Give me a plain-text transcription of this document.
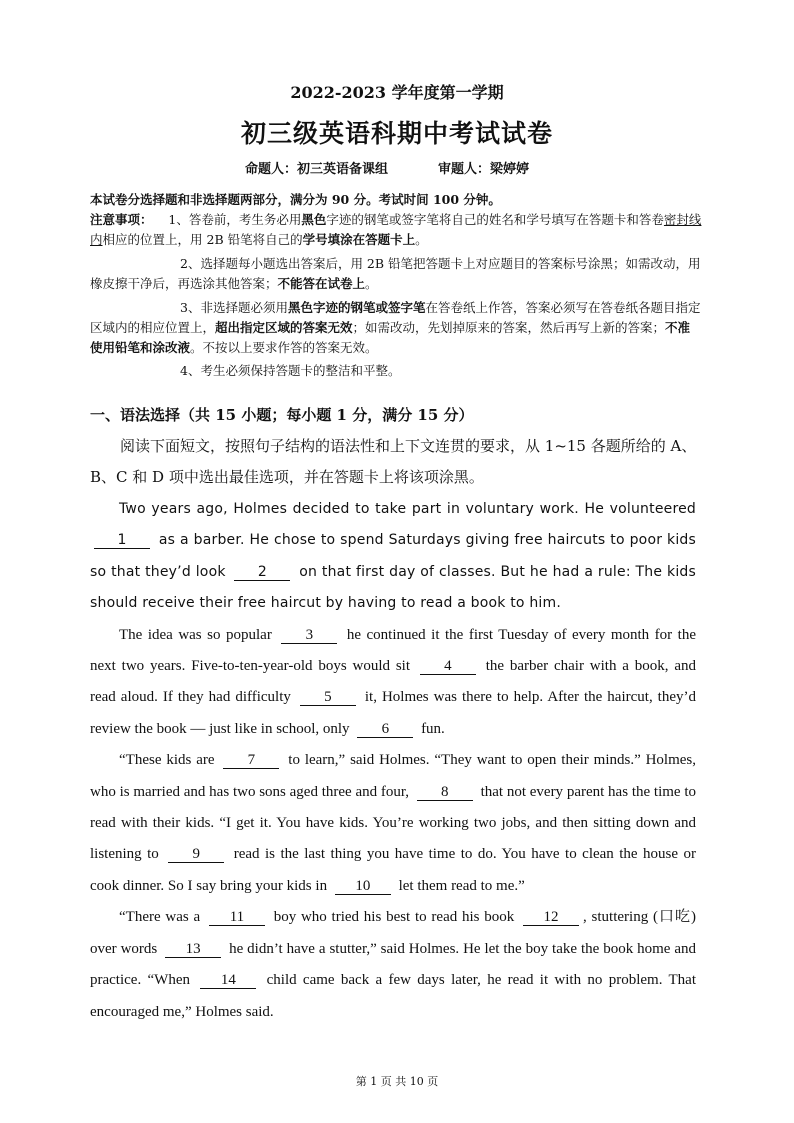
2022-2023 学年度第一学期
初三级英语科期中考试试卷
命题人：初三英语备课组	审题人：梁婷婷
本试卷分选择题和非选择题两部分，满分为 90 分。考试时间 100 分钟。
注意事项： 1、答卷前，考生务必用黑色字迹的钢笔或签字笔将自己的姓名和学号填写在答题卡和答卷密封线内相应的位置上，用 2B 铅笔将自己的学号填涂在答题卡上。
2、选择题每小题选出答案后，用 2B 铅笔把答题卡上对应题目的答案标号涂黑；如需改动，用橡皮擦干净后，再选涂其他答案；不能答在试卷上。
3、非选择题必须用黑色字迹的钢笔或签字笔在答卷纸上作答，答案必须写在答卷纸各题目指定区域内的相应位置上，超出指定区域的答案无效；如需改动，先划掉原来的答案，然后再写上新的答案；不准使用铅笔和涂改液。不按以上要求作答的答案无效。
4、考生必须保持答题卡的整洁和平整。
一、语法选择（共 15 小题；每小题 1 分，满分 15 分）
阅读下面短文，按照句子结构的语法性和上下文连贯的要求，从 1~15 各题所给的 A、B、C 和 D 项中选出最佳选项，并在答题卡上将该项涂黑。

Two years ago, Holmes decided to take part in voluntary work. He volunteered 1 as a barber. He chose to spend Saturdays giving free haircuts to poor kids so that they’d look 2 on that first day of classes. But he had a rule: The kids should receive their free haircut by having to read a book to him.

The idea was so popular 3 he continued it the first Tuesday of every month for the next two years. Five-to-ten-year-old boys would sit 4 the barber chair with a book, and read aloud. If they had difficulty 5 it, Holmes was there to help. After the haircut, they’d review the book — just like in school, only 6 fun.

“These kids are 7 to learn,” said Holmes. “They want to open their minds.” Holmes, who is married and has two sons aged three and four, 8 that not every parent has the time to read with their kids. “I get it. You have kids. You’re working two jobs, and then sitting down and listening to 9 read is the last thing you have time to do. You have to clean the house or cook dinner. So I say bring your kids in 10 let them read to me.”

“There was a 11 boy who tried his best to read his book 12 , stuttering (口吃) over words 13 he didn’t have a stutter,” said Holmes. He let the boy take the book home and practice. “When 14 child came back a few days later, he read it with no problem. That encouraged me,” Holmes said.

第 1 页 共 10 页
